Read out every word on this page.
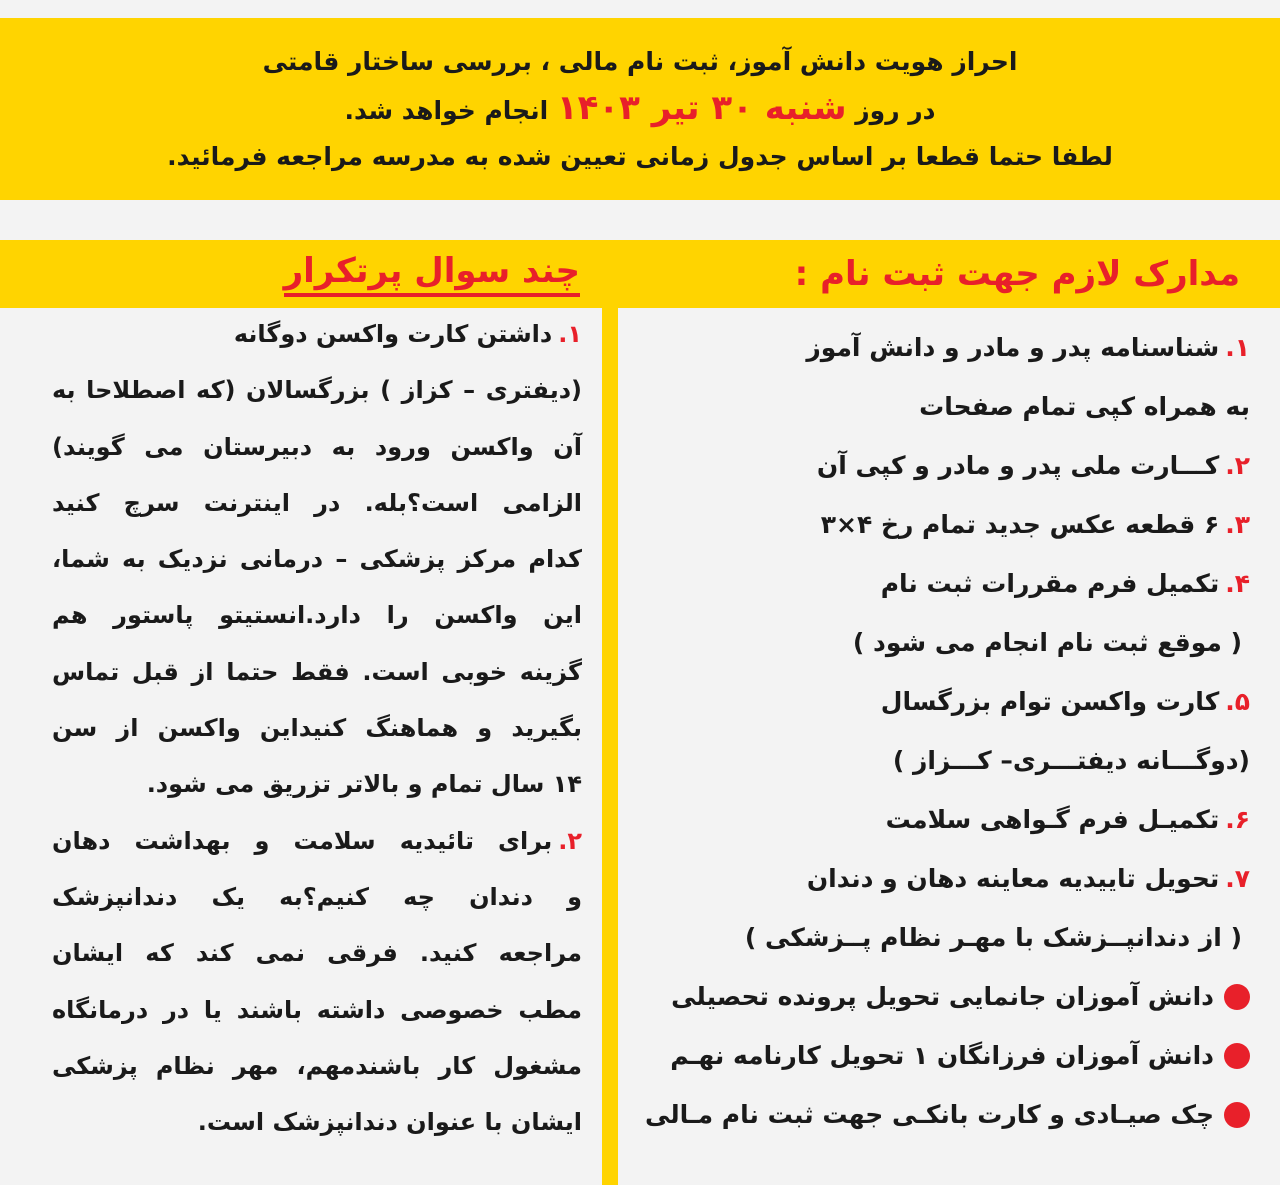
احراز هویت دانش آموز، ثبت نام مالی ، بررسی ساختار قامتی
در روز شنبه ۳۰ تیر ۱۴۰۳ انجام خواهد شد.
لطفا حتما قطعا بر اساس جدول زمانی تعیین شده به مدرسه مراجعه فرمائید.
مدارک لازم جهت ثبت نام :
چند سوال پرتکرار
۱.
شناسنامه پدر و مادر و دانش آموز
به همراه کپی تمام صفحات
۲.
کـــارت ملی پدر و مادر و کپی آن
۳.
۶ قطعه عکس جدید تمام رخ ۴×۳
۴.
تکمیل فرم مقررات ثبت نام
( موقع ثبت نام انجام می شود )
۵.
کارت واکسن توام بزرگسال
(دوگـــانه دیفتـــری– کـــزاز )
۶.
تکمیـل فرم گـواهی سلامت
۷.
تحویل تاییدیه معاینه دهان و دندان
( از دندانپــزشک با مهـر نظام پــزشکی )
دانش آموزان جانمایی تحویل پرونده تحصیلی
دانش آموزان فرزانگان ۱ تحویل کارنامه نهـم
چک صیـادی و کارت بانکـی جهت ثبت نام مـالی
۱.داشتن کارت واکسن دوگانه
(دیفتری – کزاز ) بزرگسالان (که اصطلاحا به
آن واکسن ورود به دبیرستان می گویند)
الزامی است؟بله. در اینترنت سرچ کنید
کدام مرکز پزشکی – درمانی نزدیک به شما،
این واکسن را دارد.انستیتو پاستور هم
گزینه خوبی است. فقط حتما از قبل تماس
بگیرید و هماهنگ کنیداین واکسن از سن
۱۴ سال تمام و بالاتر تزریق می شود.
۲.برای تائیدیه سلامت و بهداشت دهان
و دندان چه کنیم؟به یک دندانپزشک
مراجعه کنید. فرقی نمی کند که ایشان
مطب خصوصی داشته باشند یا در درمانگاه
مشغول کار باشندمهم، مهر نظام پزشکی
ایشان با عنوان دندانپزشک است.
